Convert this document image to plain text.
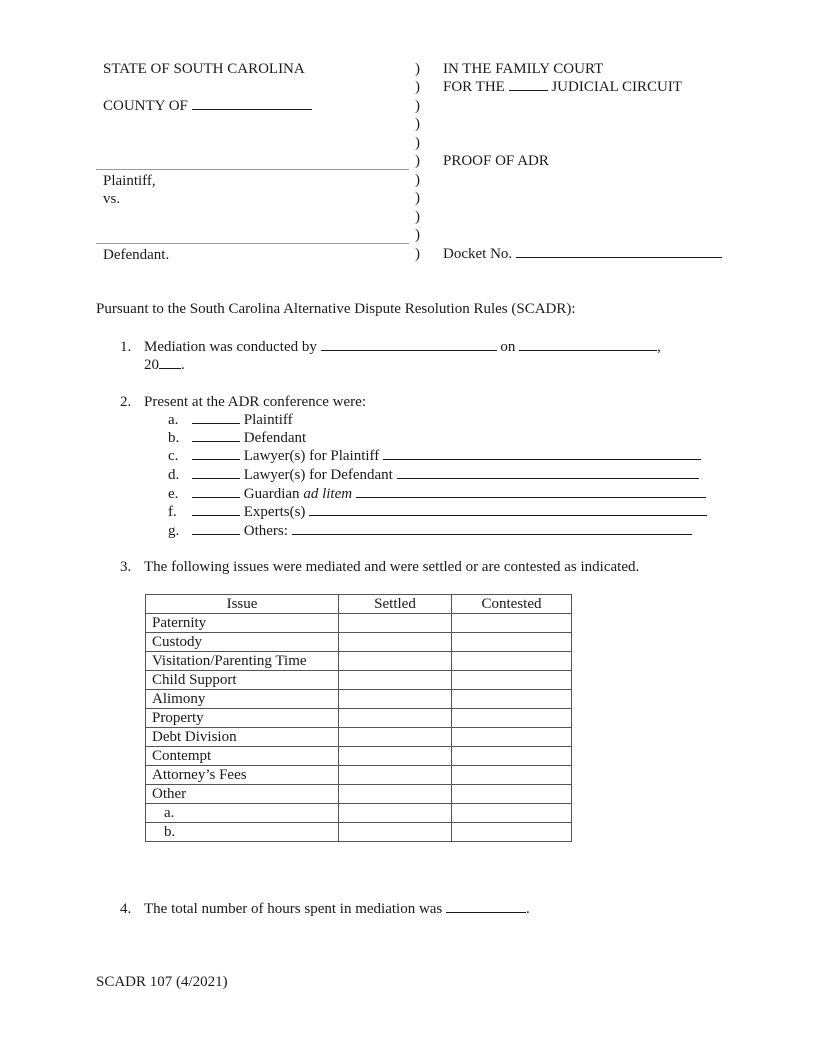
STATE OF SOUTH CAROLINA
COUNTY OF
Plaintiff,
vs.
Defendant.
)
)
)
)
)
)
)
)
)
)
)
IN THE FAMILY COURT
FOR THE	JUDICIAL CIRCUIT
PROOF OF ADR
Docket No.
Pursuant to the South Carolina Alternative Dispute Resolution Rules (SCADR):
1. Mediation was conducted by	on	,
20 .
2. Present at the ADR conference were:
a.	Plaintiff
b.	Defendant
c.	Lawyer(s) for Plaintiff
d.	Lawyer(s) for Defendant
e.	Guardian ad litem
f.	Experts(s)
g.	Others:
3. The following issues were mediated and were settled or are contested as indicated.
Issue	Settled	Contested
Paternity		
Custody		
Visitation/Parenting Time		
Child Support		
Alimony		
Property		
Debt Division		
Contempt		
Attorney’s Fees		
Other		
a.		
b.		
4. The total number of hours spent in mediation was	.
SCADR 107 (4/2021)
